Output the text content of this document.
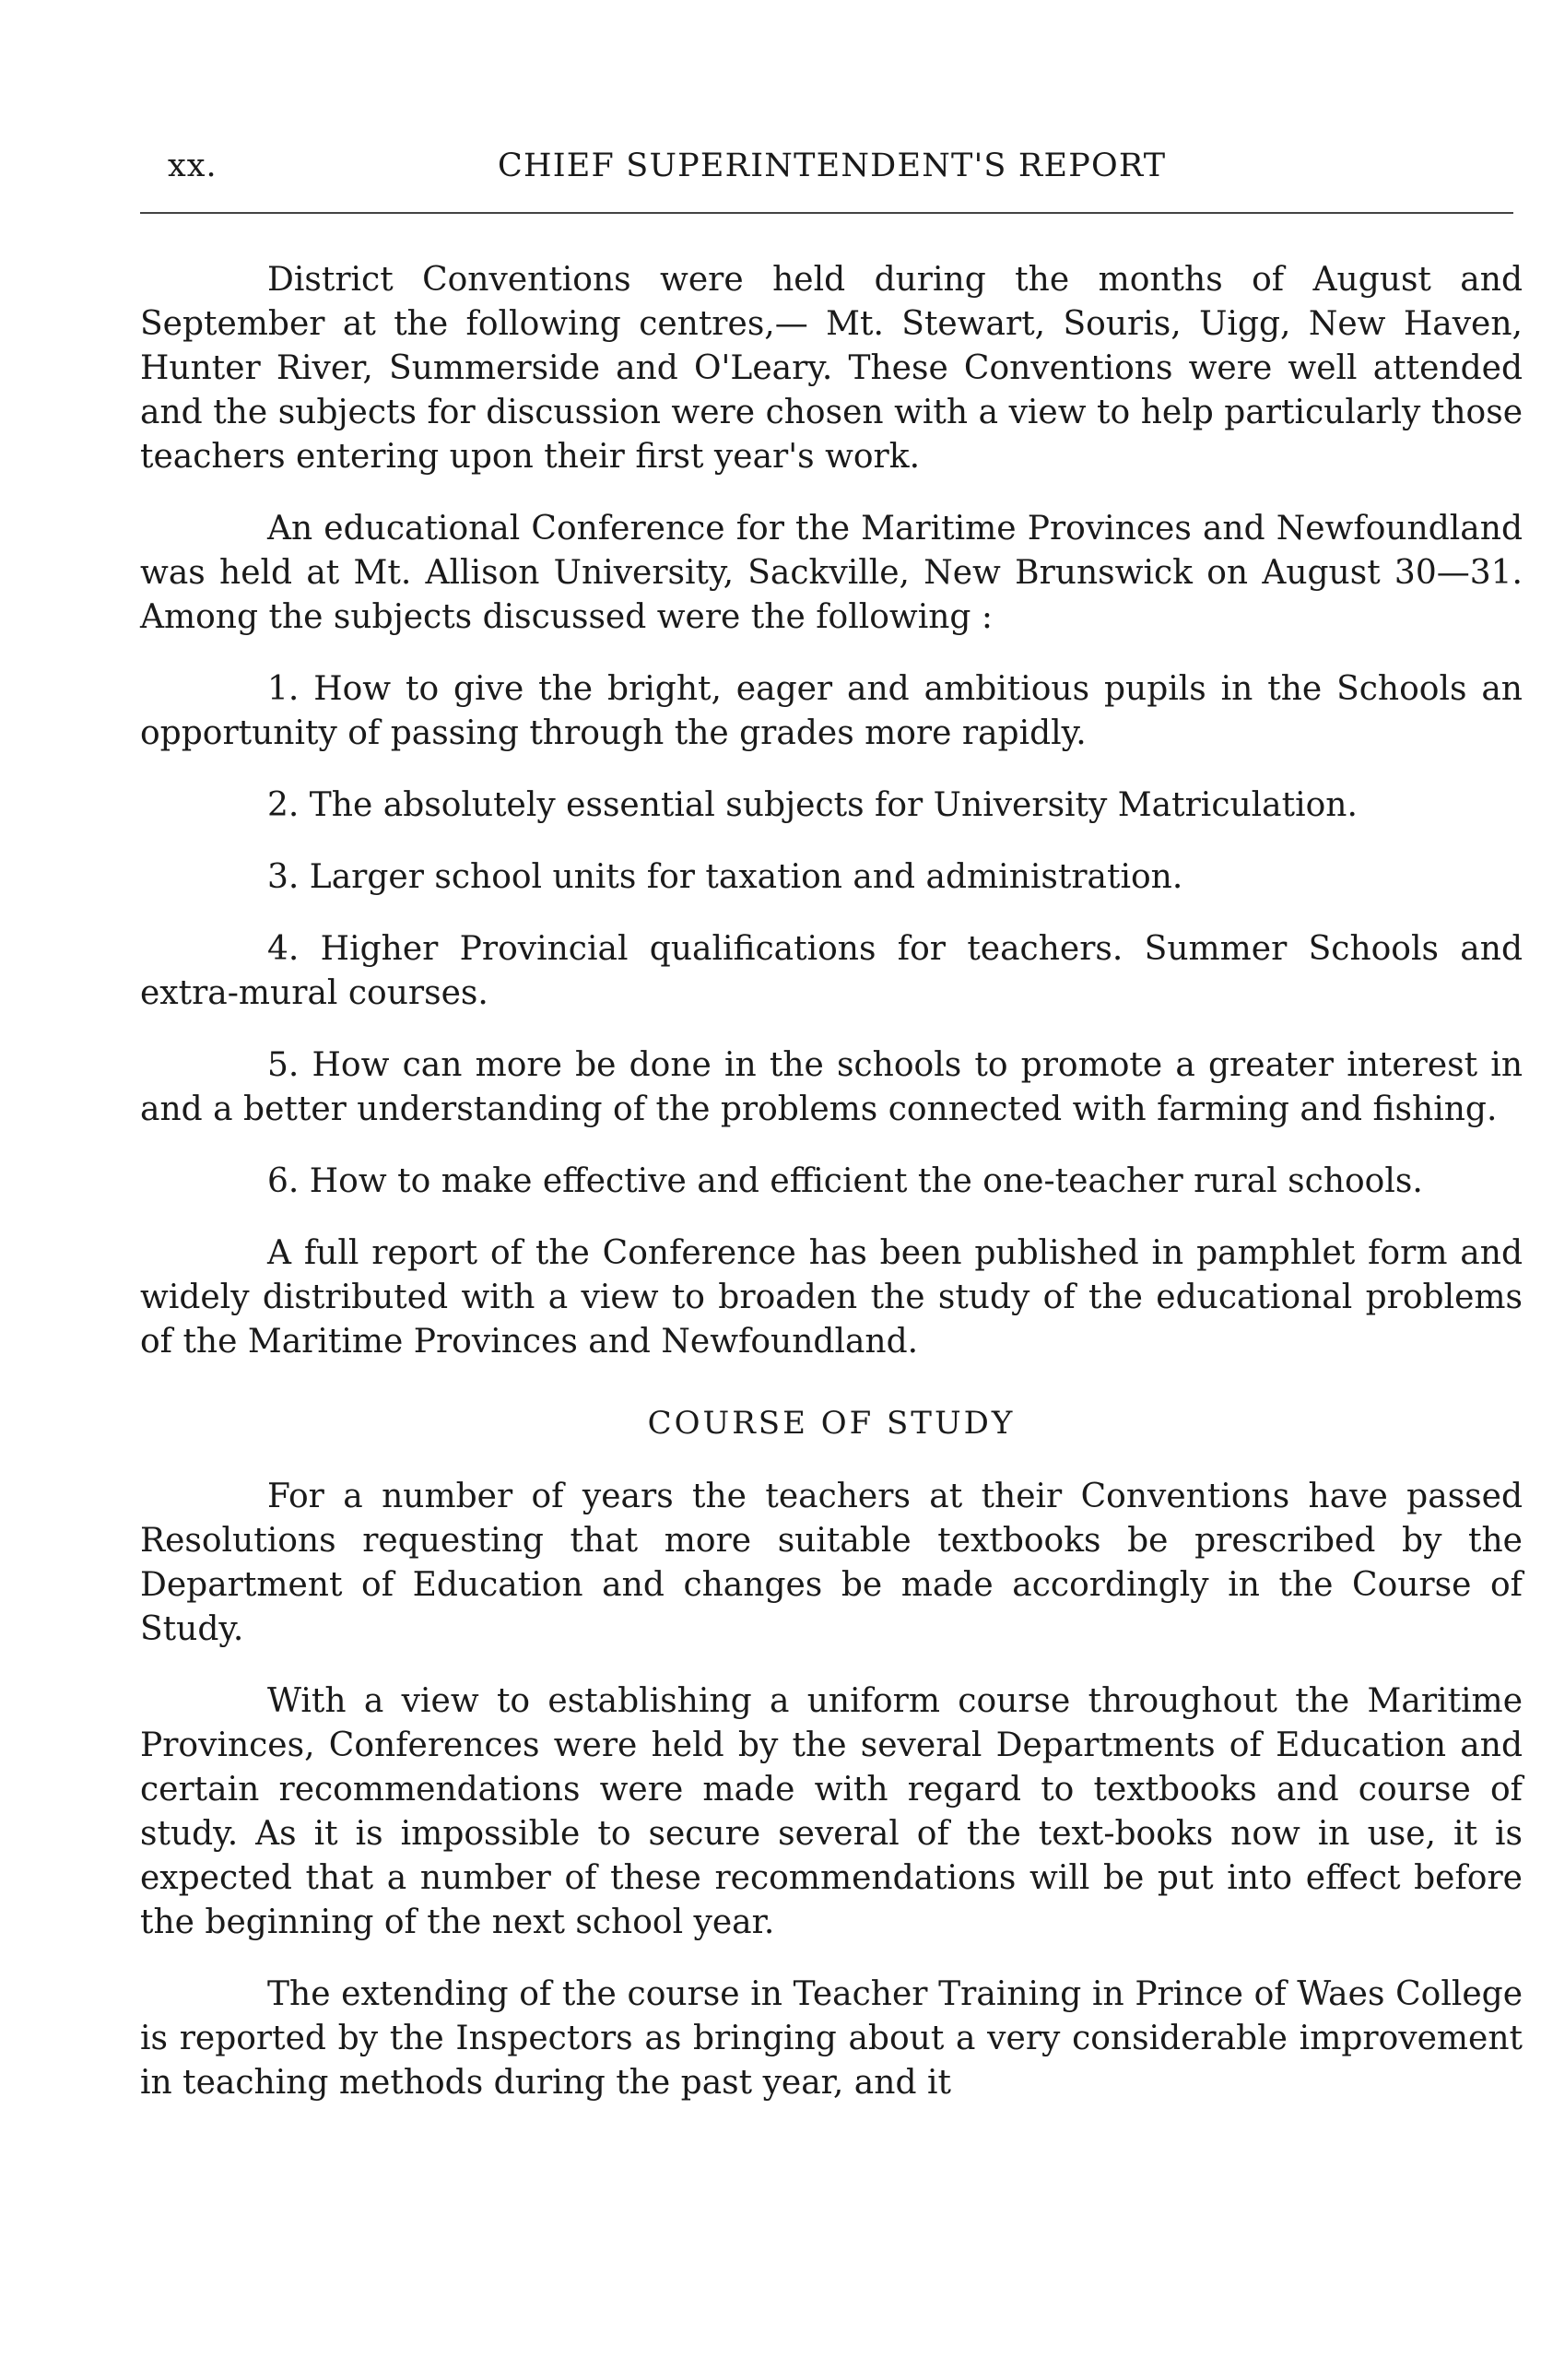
xx.	CHIEF SUPERINTENDENT'S REPORT

District Conventions were held during the months of August and September at the following centres,— Mt. Stewart, Souris, Uigg, New Haven, Hunter River, Summerside and O'Leary. These Conventions were well attended and the subjects for discussion were chosen with a view to help particularly those teachers entering upon their first year's work.

An educational Conference for the Maritime Provinces and Newfoundland was held at Mt. Allison University, Sackville, New Brunswick on August 30—31. Among the subjects discussed were the following :

1. How to give the bright, eager and ambitious pupils in the Schools an opportunity of passing through the grades more rapidly.

2. The absolutely essential subjects for University Matriculation.

3. Larger school units for taxation and administration.

4. Higher Provincial qualifications for teachers. Summer Schools and extra-mural courses.

5. How can more be done in the schools to promote a greater interest in and a better understanding of the problems connected with farming and fishing.

6. How to make effective and efficient the one-teacher rural schools.

A full report of the Conference has been published in pamphlet form and widely distributed with a view to broaden the study of the educational problems of the Maritime Provinces and Newfoundland.

COURSE OF STUDY

For a number of years the teachers at their Conventions have passed Resolutions requesting that more suitable textbooks be prescribed by the Department of Education and changes be made accordingly in the Course of Study.

With a view to establishing a uniform course throughout the Maritime Provinces, Conferences were held by the several Departments of Education and certain recommendations were made with regard to textbooks and course of study. As it is impossible to secure several of the text-books now in use, it is expected that a number of these recommendations will be put into effect before the beginning of the next school year.

The extending of the course in Teacher Training in Prince of Waes College is reported by the Inspectors as bringing about a very considerable improvement in teaching methods during the past year, and it
